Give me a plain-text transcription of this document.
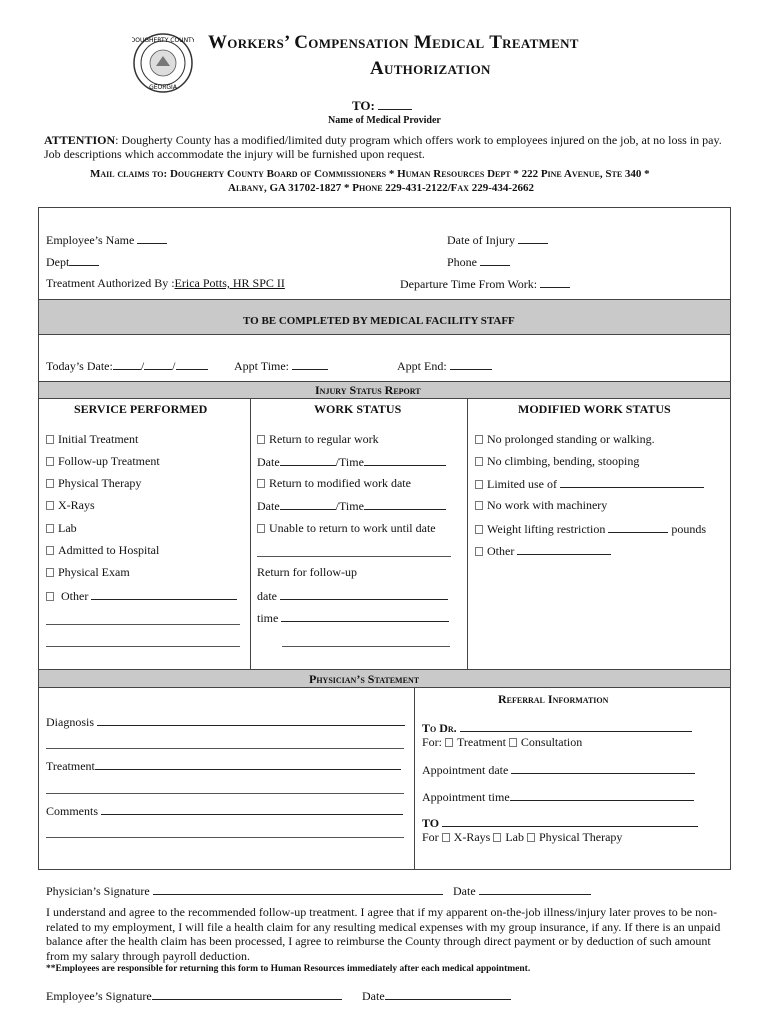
DOUGHERTY COUNTY
GEORGIA
Workers’ Compensation Medical Treatment
Authorization
TO:
Name of Medical Provider
ATTENTION: Dougherty County has a modified/limited duty program which offers work to employees injured on the job, at no loss in pay. Job descriptions which accommodate the injury will be furnished upon request.
Mail claims to: Dougherty County Board of Commissioners * Human Resources Dept * 222 Pine Avenue, Ste 340 *
Albany, GA 31702-1827 * Phone 229-431-2122/Fax 229-434-2662
Employee’s Name	Date of Injury
Dept	Phone
Treatment Authorized By :Erica Potts, HR SPC II	Departure Time From Work:
TO BE COMPLETED BY MEDICAL FACILITY STAFF
Today’s Date: / /	Appt Time:	Appt End:
Injury Status Report
SERVICE PERFORMED	WORK STATUS	MODIFIED WORK STATUS
Initial Treatment
Follow-up Treatment
Physical Therapy
X-Rays
Lab
Admitted to Hospital
Physical Exam
Other
Return to regular work
Date	/Time
Return to modified work date
Date	/Time
Unable to return to work until date
Return for follow-up
date
time
No prolonged standing or walking.
No climbing, bending, stooping
Limited use of
No work with machinery
Weight lifting restriction	pounds
Other
Physician’s Statement
Diagnosis
Treatment
Comments
Referral Information
To Dr.
For: Treatment Consultation
Appointment date
Appointment time
TO
For X-Rays Lab Physical Therapy
Physician’s Signature	Date
I understand and agree to the recommended follow-up treatment. I agree that if my apparent on-the-job illness/injury later proves to be non-related to my employment, I will file a health claim for any resulting medical expenses with my group insurance, if any. If there is an unpaid balance after the health claim has been processed, I agree to reimburse the County through direct payment or by deduction of such amount from my salary through payroll deduction.
**Employees are responsible for returning this form to Human Resources immediately after each medical appointment.
Employee’s Signature	Date
